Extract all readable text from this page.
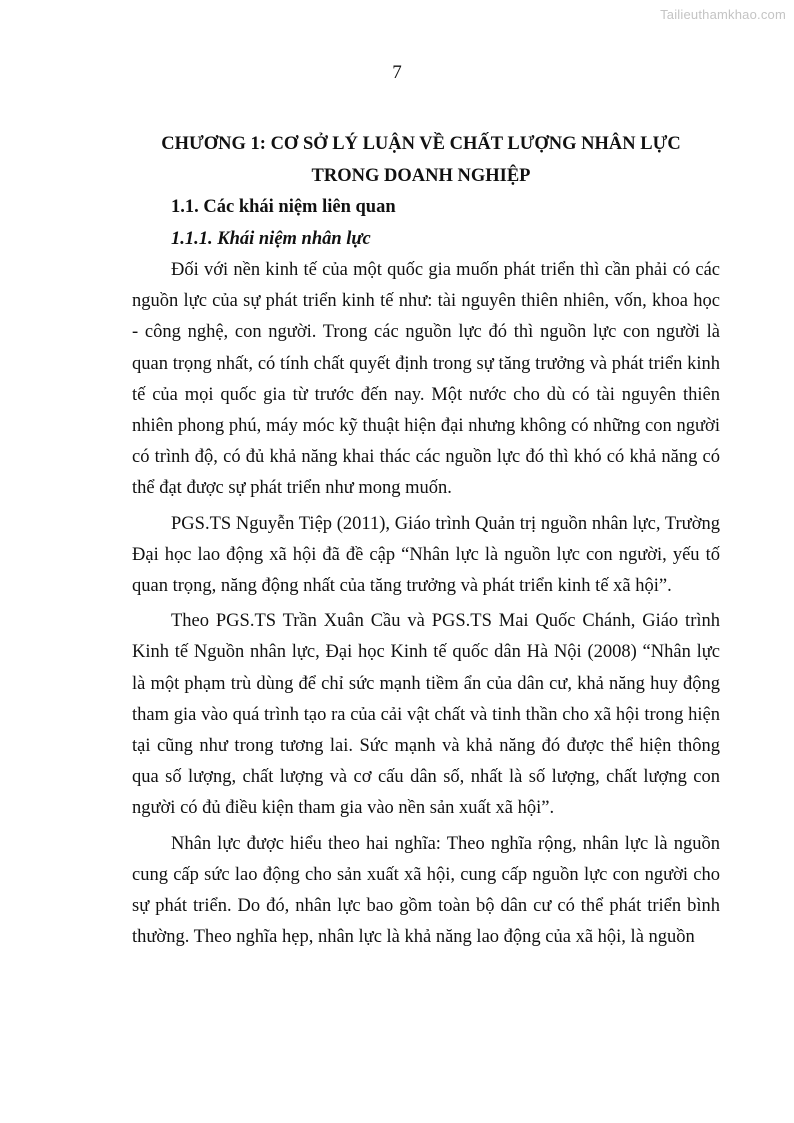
Tailieuthamkhao.com
7
CHƯƠNG 1: CƠ SỞ LÝ LUẬN VỀ CHẤT LƯỢNG NHÂN LỰC
TRONG DOANH NGHIỆP
1.1. Các khái niệm liên quan
1.1.1. Khái niệm nhân lực

Đối với nền kinh tế của một quốc gia muốn phát triển thì cần phải có các nguồn lực của sự phát triển kinh tế như: tài nguyên thiên nhiên, vốn, khoa học - công nghệ, con người. Trong các nguồn lực đó thì nguồn lực con người là quan trọng nhất, có tính chất quyết định trong sự tăng trưởng và phát triển kinh tế của mọi quốc gia từ trước đến nay. Một nước cho dù có tài nguyên thiên nhiên phong phú, máy móc kỹ thuật hiện đại nhưng không có những con người có trình độ, có đủ khả năng khai thác các nguồn lực đó thì khó có khả năng có thể đạt được sự phát triển như mong muốn.

PGS.TS Nguyễn Tiệp (2011), Giáo trình Quản trị nguồn nhân lực, Trường Đại học lao động xã hội đã đề cập “Nhân lực là nguồn lực con người, yếu tố quan trọng, năng động nhất của tăng trưởng và phát triển kinh tế xã hội”.

Theo PGS.TS Trần Xuân Cầu và PGS.TS Mai Quốc Chánh, Giáo trình Kinh tế Nguồn nhân lực, Đại học Kinh tế quốc dân Hà Nội (2008) “Nhân lực là một phạm trù dùng để chỉ sức mạnh tiềm ẩn của dân cư, khả năng huy động tham gia vào quá trình tạo ra của cải vật chất và tinh thần cho xã hội trong hiện tại cũng như trong tương lai. Sức mạnh và khả năng đó được thể hiện thông qua số lượng, chất lượng và cơ cấu dân số, nhất là số lượng, chất lượng con người có đủ điều kiện tham gia vào nền sản xuất xã hội”.

Nhân lực được hiểu theo hai nghĩa: Theo nghĩa rộng, nhân lực là nguồn cung cấp sức lao động cho sản xuất xã hội, cung cấp nguồn lực con người cho sự phát triển. Do đó, nhân lực bao gồm toàn bộ dân cư có thể phát triển bình thường. Theo nghĩa hẹp, nhân lực là khả năng lao động của xã hội, là nguồn
